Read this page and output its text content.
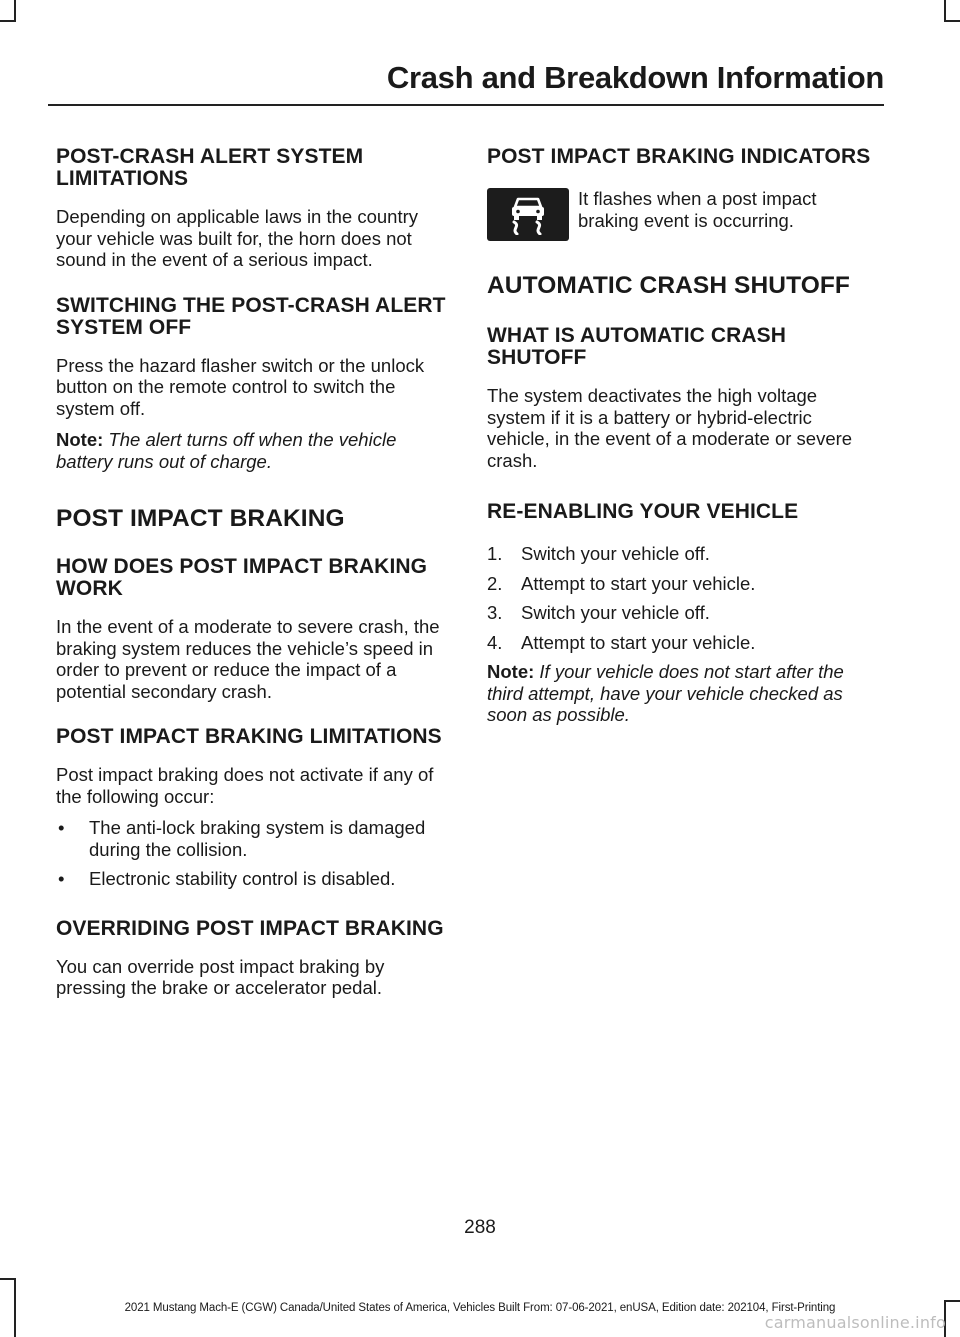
Crash and Breakdown Information
POST-CRASH ALERT SYSTEM LIMITATIONS

Depending on applicable laws in the country your vehicle was built for, the horn does not sound in the event of a serious impact.

SWITCHING THE POST-CRASH ALERT SYSTEM OFF

Press the hazard flasher switch or the unlock button on the remote control to switch the system off.

Note: The alert turns off when the vehicle battery runs out of charge.
POST IMPACT BRAKING
HOW DOES POST IMPACT BRAKING WORK

In the event of a moderate to severe crash, the braking system reduces the vehicle’s speed in order to prevent or reduce the impact of a potential secondary crash.

POST IMPACT BRAKING LIMITATIONS

Post impact braking does not activate if any of the following occur:

• The anti-lock braking system is damaged during the collision.
• Electronic stability control is disabled.
OVERRIDING POST IMPACT BRAKING

You can override post impact braking by pressing the brake or accelerator pedal.

POST IMPACT BRAKING INDICATORS

It flashes when a post impact braking event is occurring.

AUTOMATIC CRASH SHUTOFF
WHAT IS AUTOMATIC CRASH SHUTOFF

The system deactivates the high voltage system if it is a battery or hybrid-electric vehicle, in the event of a moderate or severe crash.

RE-ENABLING YOUR VEHICLE
1. Switch your vehicle off.
2. Attempt to start your vehicle.
3. Switch your vehicle off.
4. Attempt to start your vehicle.
Note: If your vehicle does not start after the third attempt, have your vehicle checked as soon as possible.
288
2021 Mustang Mach-E (CGW) Canada/United States of America, Vehicles Built From: 07-06-2021, enUSA, Edition date: 202104, First-Printing
carmanualsonline.info
